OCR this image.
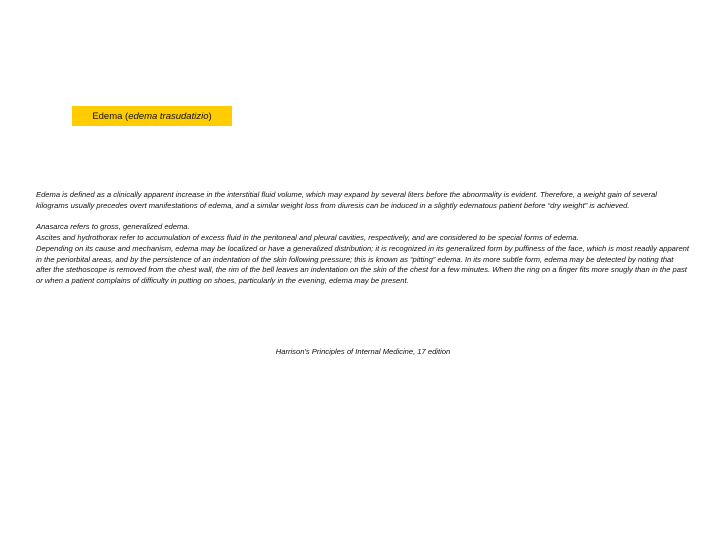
Edema ( edema trasudatizio )

Edema is defined as a clinically apparent increase in the interstitial fluid volume, which may expand by several liters before the abnormality is evident. Therefore, a weight gain of several kilograms usually precedes overt manifestations of edema, and a similar weight loss from diuresis can be induced in a slightly edematous patient before “dry weight” is achieved.

Anasarca refers to gross, generalized edema.

Ascites and hydrothorax refer to accumulation of excess fluid in the peritoneal and pleural cavities, respectively, and are considered to be special forms of edema.

Depending on its cause and mechanism, edema may be localized or have a generalized distribution; it is recognized in its generalized form by puffiness of the face, which is most readily apparent in the periorbital areas, and by the persistence of an indentation of the skin following pressure; this is known as “pitting” edema. In its more subtle form, edema may be detected by noting that after the stethoscope is removed from the chest wall, the rim of the bell leaves an indentation on the skin of the chest for a few minutes. When the ring on a finger fits more snugly than in the past or when a patient complains of difficulty in putting on shoes, particularly in the evening, edema may be present.

Harrison's Principles of Internal Medicine, 17 edition
